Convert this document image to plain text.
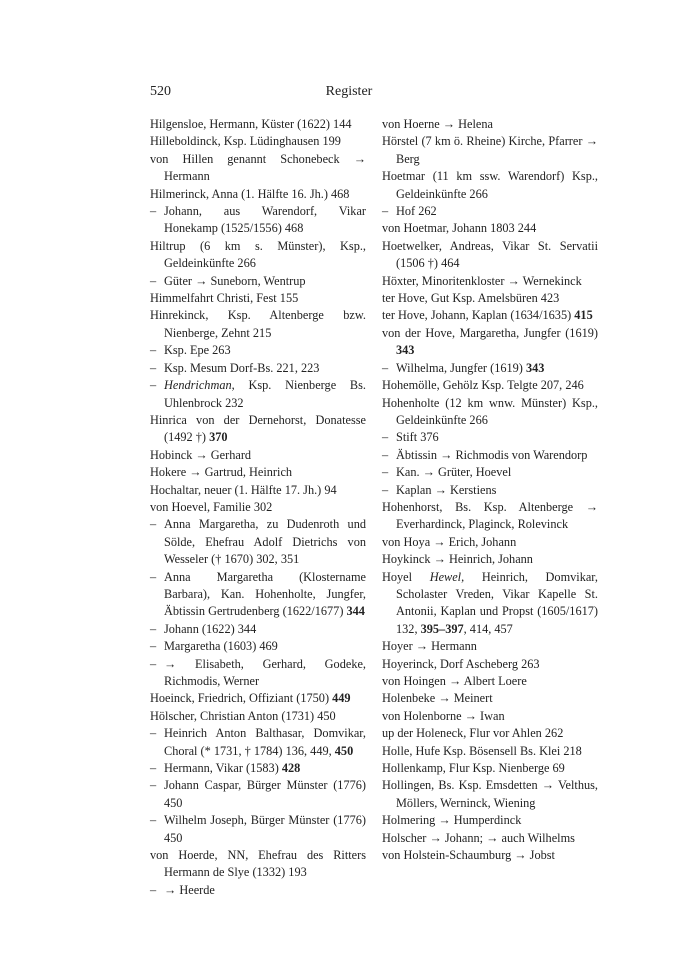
520	Register
Hilgensloe, Hermann, Küster (1622) 144
Hilleboldinck, Ksp. Lüdinghausen 199
von Hillen genannt Schonebeck → Hermann
Hilmerinck, Anna (1. Hälfte 16. Jh.) 468
– Johann, aus Warendorf, Vikar Honekamp (1525/1556) 468
Hiltrup (6 km s. Münster), Ksp., Geldeinkünfte 266
– Güter → Suneborn, Wentrup
Himmelfahrt Christi, Fest 155
Hinrekinck, Ksp. Altenberge bzw. Nienberge, Zehnt 215
– Ksp. Epe 263
– Ksp. Mesum Dorf-Bs. 221, 223
– Hendrichman, Ksp. Nienberge Bs. Uhlenbrock 232
Hinrica von der Dernehorst, Donatesse (1492 †) 370
Hobinck → Gerhard
Hokere → Gartrud, Heinrich
Hochaltar, neuer (1. Hälfte 17. Jh.) 94
von Hoevel, Familie 302
– Anna Margaretha, zu Dudenroth und Sölde, Ehefrau Adolf Dietrichs von Wesseler († 1670) 302, 351
– Anna Margaretha (Klostername Barbara), Kan. Hohenholte, Jungfer, Äbtissin Gertrudenberg (1622/1677) 344
– Johann (1622) 344
– Margaretha (1603) 469
– → Elisabeth, Gerhard, Godeke, Richmodis, Werner
Hoeinck, Friedrich, Offiziant (1750) 449
Hölscher, Christian Anton (1731) 450
– Heinrich Anton Balthasar, Domvikar, Choral (* 1731, † 1784) 136, 449, 450
– Hermann, Vikar (1583) 428
– Johann Caspar, Bürger Münster (1776) 450
– Wilhelm Joseph, Bürger Münster (1776) 450
von Hoerde, NN, Ehefrau des Ritters Hermann de Slye (1332) 193
– → Heerde
von Hoerne → Helena
Hörstel (7 km ö. Rheine) Kirche, Pfarrer → Berg
Hoetmar (11 km ssw. Warendorf) Ksp., Geldeinkünfte 266
– Hof 262
von Hoetmar, Johann 1803 244
Hoetwelker, Andreas, Vikar St. Servatii (1506 †) 464
Höxter, Minoritenkloster → Wernekinck
ter Hove, Gut Ksp. Amelsbüren 423
ter Hove, Johann, Kaplan (1634/1635) 415
von der Hove, Margaretha, Jungfer (1619) 343
– Wilhelma, Jungfer (1619) 343
Hohemölle, Gehölz Ksp. Telgte 207, 246
Hohenholte (12 km wnw. Münster) Ksp., Geldeinkünfte 266
– Stift 376
– Äbtissin → Richmodis von Warendorp
– Kan. → Grüter, Hoevel
– Kaplan → Kerstiens
Hohenhorst, Bs. Ksp. Altenberge → Everhardinck, Plaginck, Rolevinck
von Hoya → Erich, Johann
Hoykinck → Heinrich, Johann
Hoyel Hewel, Heinrich, Domvikar, Scholaster Vreden, Vikar Kapelle St. Antonii, Kaplan und Propst (1605/1617) 132, 395–397, 414, 457
Hoyer → Hermann
Hoyerinck, Dorf Ascheberg 263
von Hoingen → Albert Loere
Holenbeke → Meinert
von Holenborne → Iwan
up der Holeneck, Flur vor Ahlen 262
Holle, Hufe Ksp. Bösensell Bs. Klei 218
Hollenkamp, Flur Ksp. Nienberge 69
Hollingen, Bs. Ksp. Emsdetten → Velthus, Möllers, Werninck, Wiening
Holmering → Humperdinck
Holscher → Johann; → auch Wilhelms
von Holstein-Schaumburg → Jobst
